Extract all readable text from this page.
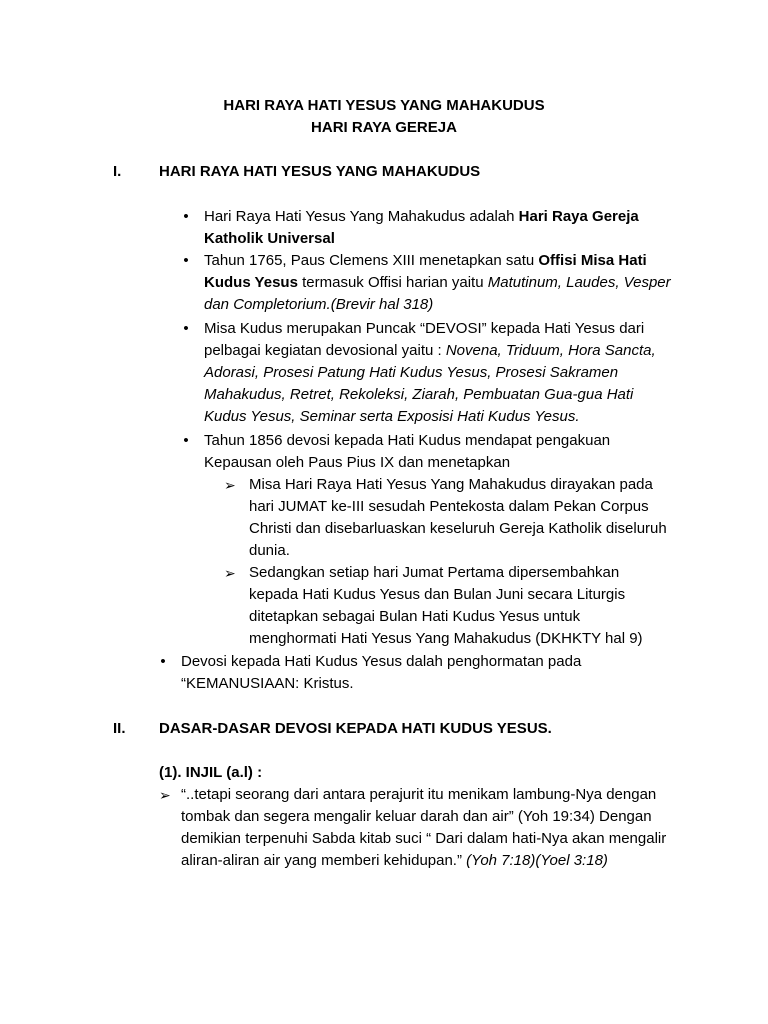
HARI RAYA HATI YESUS YANG MAHAKUDUS
HARI RAYA GEREJA
I.	HARI RAYA HATI YESUS YANG MAHAKUDUS
•	Hari Raya Hati Yesus Yang Mahakudus adalah Hari Raya Gereja Katholik Universal
•	Tahun 1765, Paus Clemens XIII menetapkan satu Offisi Misa Hati Kudus Yesus termasuk Offisi harian yaitu Matutinum, Laudes, Vesper dan Completorium.(Brevir hal 318)
•	Misa Kudus merupakan Puncak “DEVOSI” kepada Hati Yesus dari pelbagai kegiatan devosional yaitu : Novena, Triduum, Hora Sancta, Adorasi, Prosesi Patung Hati Kudus Yesus, Prosesi Sakramen Mahakudus, Retret, Rekoleksi, Ziarah, Pembuatan Gua-gua Hati Kudus Yesus, Seminar serta Exposisi Hati Kudus Yesus.
•	Tahun 1856 devosi kepada Hati Kudus mendapat pengakuan Kepausan oleh Paus Pius IX dan menetapkan
➢ Misa Hari Raya Hati Yesus Yang Mahakudus dirayakan pada hari JUMAT ke-III sesudah Pentekosta dalam Pekan Corpus Christi dan disebarluaskan keseluruh Gereja Katholik diseluruh dunia.
➢ Sedangkan setiap hari Jumat Pertama dipersembahkan kepada Hati Kudus Yesus dan Bulan Juni secara Liturgis ditetapkan sebagai Bulan Hati Kudus Yesus untuk menghormati Hati Yesus Yang Mahakudus (DKHKTY hal 9)
•	Devosi kepada Hati Kudus Yesus dalah penghormatan pada “KEMANUSIAAN: Kristus.
II. DASAR-DASAR DEVOSI KEPADA HATI KUDUS YESUS.
(1). INJIL (a.l) :
➢ “..tetapi seorang dari antara perajurit itu menikam lambung-Nya dengan tombak dan segera mengalir keluar darah dan air” (Yoh 19:34) Dengan demikian terpenuhi Sabda kitab suci “ Dari dalam hati-Nya akan mengalir aliran-aliran air yang memberi kehidupan.” (Yoh 7:18)(Yoel 3:18)
